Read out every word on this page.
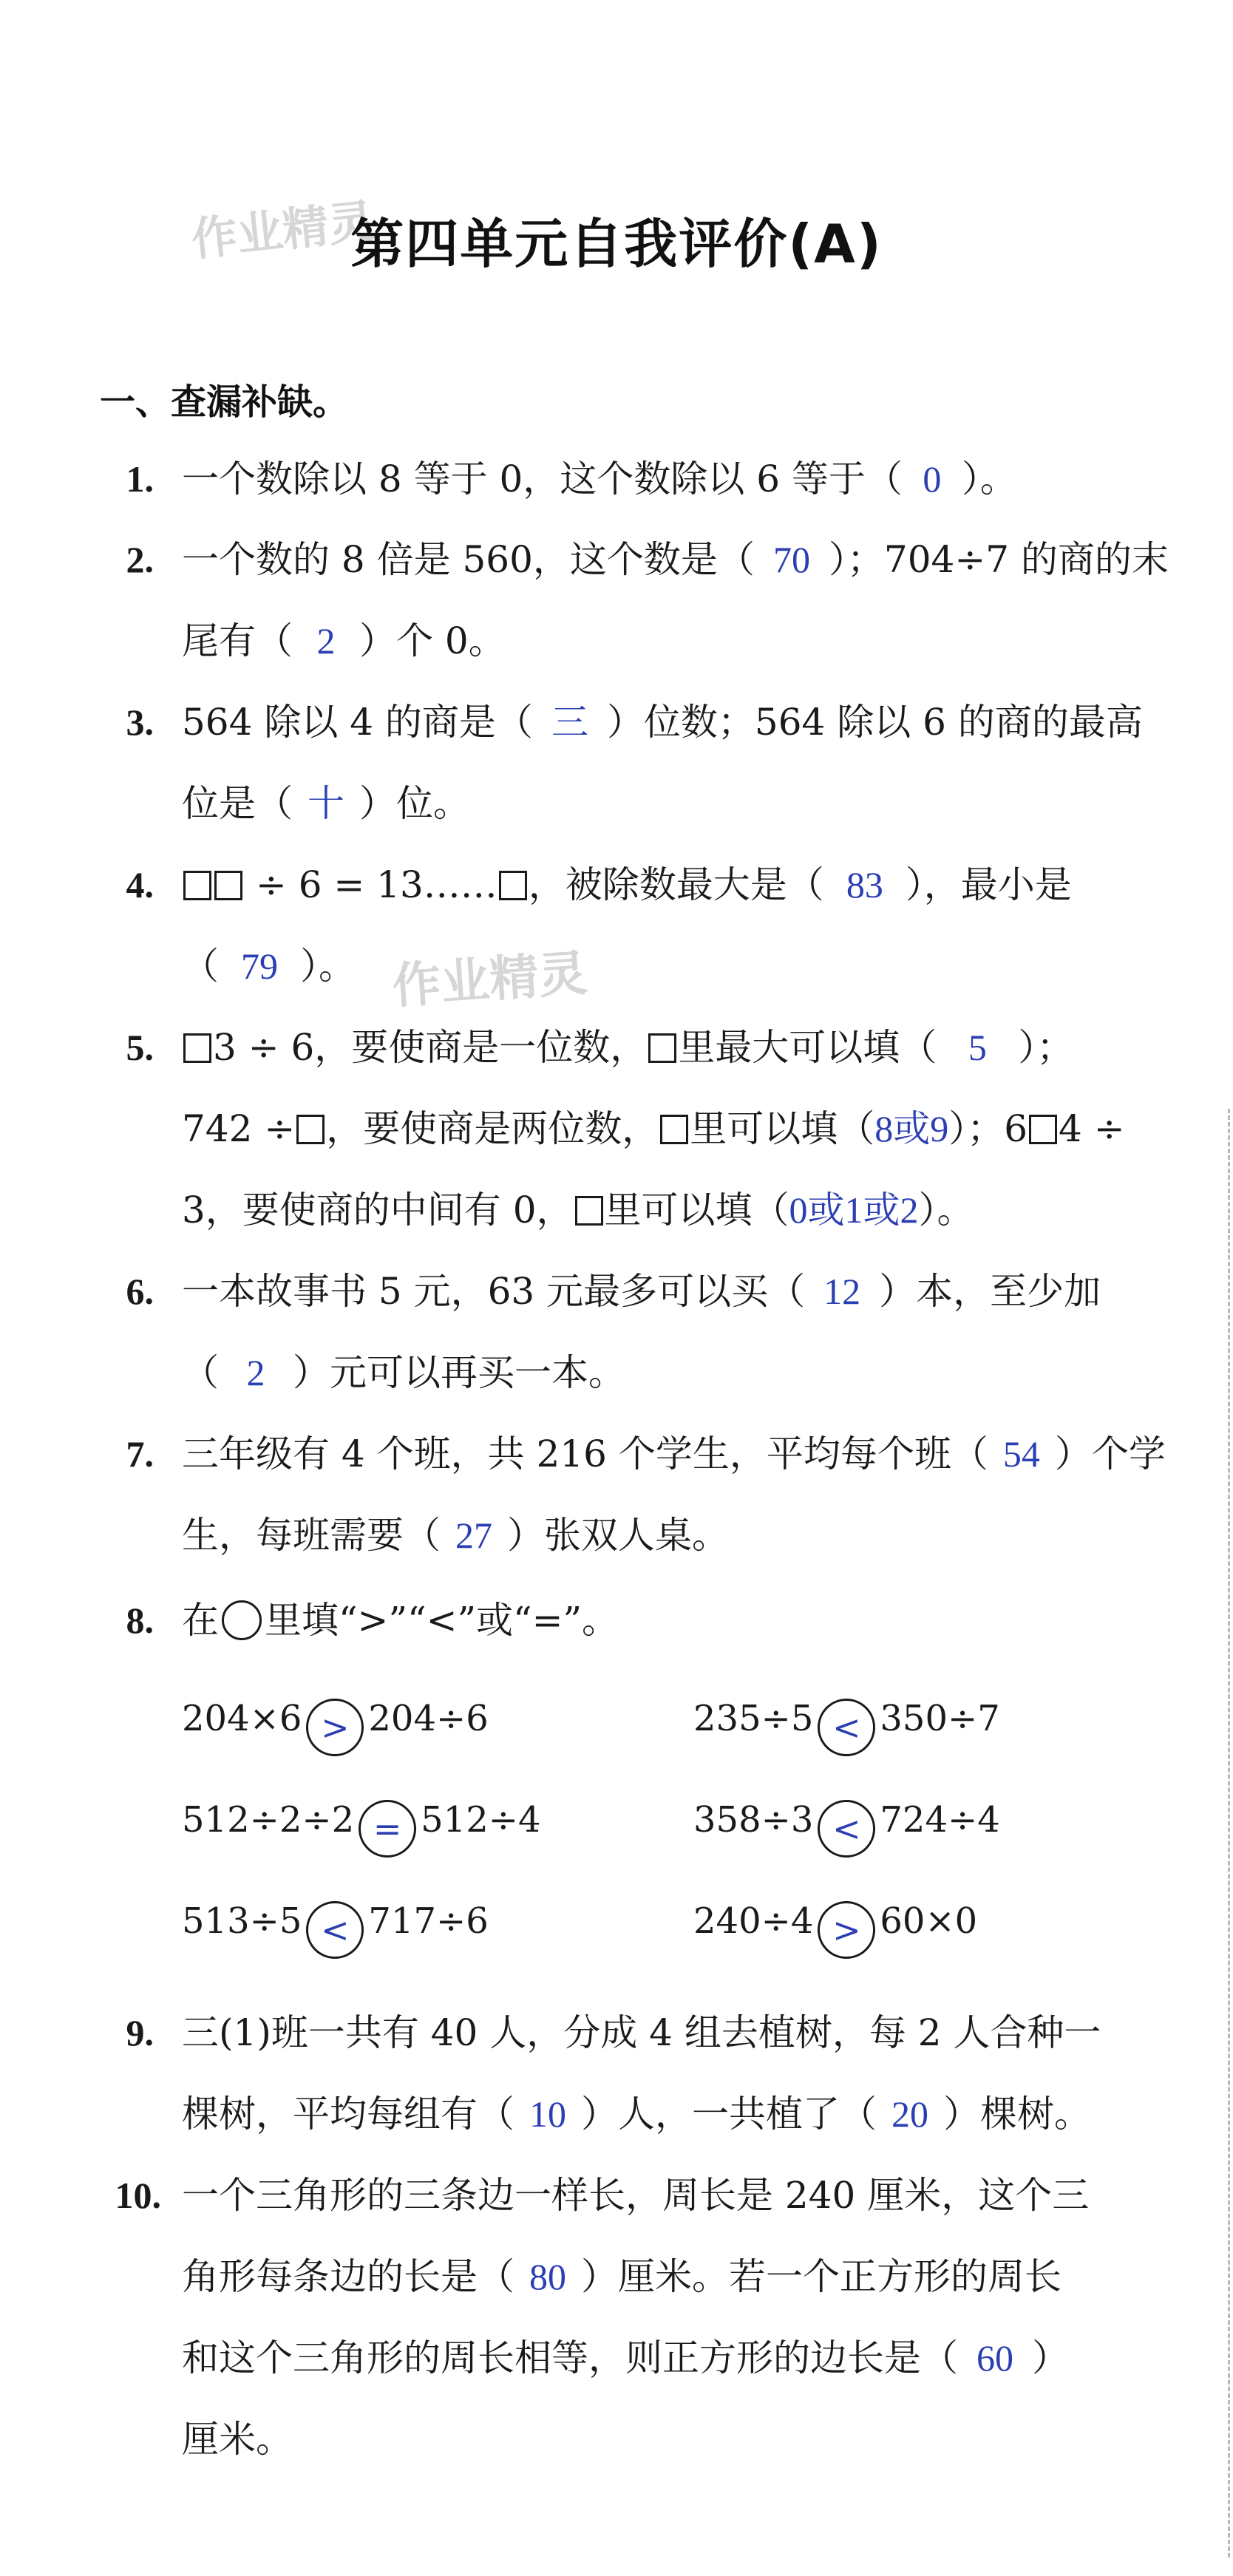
作业精灵
作业精灵
第四单元自我评价(A)
一、查漏补缺。
1. 一个数除以 8 等于 0，这个数除以 6 等于（ 0 ）。
2. 一个数的 8 倍是 560，这个数是（ 70 ）；704÷7 的商的末
尾有（ 2 ）个 0。
3. 564 除以 4 的商是（ 三 ）位数；564 除以 6 的商的最高
位是（ 十 ）位。
4.	÷ 6 = 13…… ，被除数最大是（ 83 ），最小是
（ 79 ）。
5.	3 ÷ 6，要使商是一位数， 里最大可以填（ 5 ）；
742 ÷ ，要使商是两位数， 里可以填（8或9）；6 4 ÷
3，要使商的中间有 0， 里可以填（0或1或2）。
6. 一本故事书 5 元，63 元最多可以买（ 12 ）本，至少加
（ 2 ）元可以再买一本。
7. 三年级有 4 个班，共 216 个学生，平均每个班（ 54 ）个学
生，每班需要（ 27 ）张双人桌。
8. 在 里填“>”“<”或“=”。
204×6 > 204÷6	235÷5 < 350÷7
512÷2÷2 = 512÷4	358÷3 < 724÷4
513÷5 < 717÷6	240÷4 > 60×0
9. 三(1)班一共有 40 人，分成 4 组去植树，每 2 人合种一
棵树，平均每组有（ 10 ）人，一共植了（ 20 ）棵树。
10. 一个三角形的三条边一样长，周长是 240 厘米，这个三
角形每条边的长是（ 80 ）厘米。若一个正方形的周长
和这个三角形的周长相等，则正方形的边长是（ 60 ）
厘米。
